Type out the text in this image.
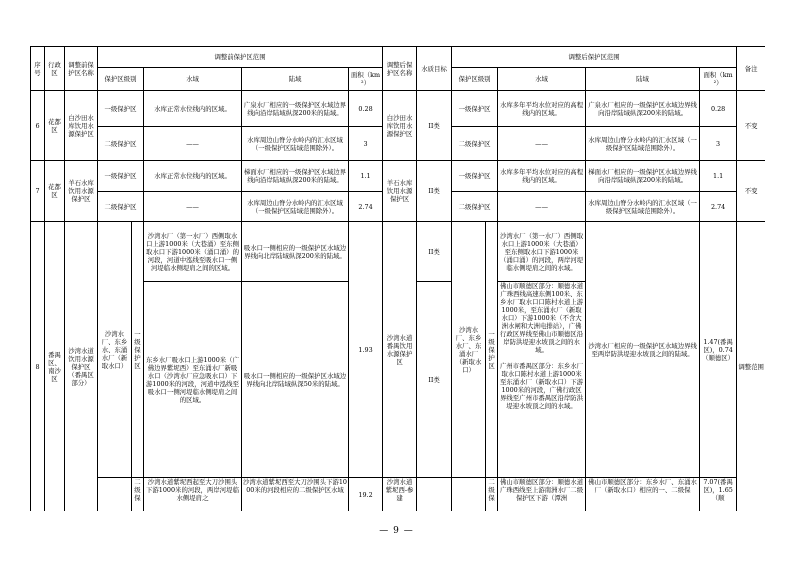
序号	行政区	调整前保护区名称	调整前保护区范围					调整后保护区名称	水质目标	调整后保护区范围					备注
			保护区级别		水域	陆域	面积（km²）			保护区级别		水域	陆域	面积（km²）	
6	花都区	白沙田水库饮用水源保护区	一级保护区		水库正常水位线内的区域。	广泉水厂相应的一级保护区水域边界线向沿岸陆域纵深200米的陆域。	0.28	白沙田水库饮用水源保护区	II类	一级保护区		水库多年平均水位对应的高程线内的区域。	广泉水厂相应的一级保护区水域边界线向沿岸陆域纵深200米的陆域。	0.28	不变
			二级保护区		——	水库周边山脊分水岭内的汇水区域（一级保护区陆域范围除外）。	3			二级保护区		——	水库周边山脊分水岭内的汇水区域（一级保护区陆域范围除外）。	3	
7	花都区	羊石水库饮用水源保护区	一级保护区		水库正常水位线内的区域。	梯面水厂相应的一级保护区水域边界线向沿岸陆域纵深200米的陆域。	1.1	羊石水库饮用水源保护区	II类	一级保护区		水库多年平均水位对应的高程线内的区域。	梯面水厂相应的一级保护区水域边界线向沿岸陆域纵深200米的陆域。	1.1	不变
			二级保护区		——	水库周边山脊分水岭内的汇水区域（一级保护区陆域范围除外）。	2.74			二级保护区		——	水库周边山脊分水岭内的汇水区域（一级保护区陆域范围除外）。	2.74	
8	番禺区、南沙区	沙湾水道饮用水源保护区（番禺区部分）	沙湾水厂、东乡水、东涌水厂（新取水口）	一级保护区	沙湾水厂（第一水厂）西侧取水口上游1000米（大巷涌）至东侧取水口下游1000米（涌口涌）的河段，河道中泓线至吸水口一侧河堤临水侧堤肩之间的区域。	吸水口一侧相应的一级保护区水域边界线向北岸陆域纵深200米的陆域。	1.93	沙湾水道番禺饮用水源保护区	II类	沙湾水厂、东乡水厂、东涌水厂（新取水口）	一级保护区	沙湾水厂（第一水厂）西侧取水口上游1000米（大巷涌）至东侧取水口下游1000米（涌口涌）的河段，两岸河堤临水侧堤肩之间的水域。	沙湾水厂相应的一级保护区水域边界线至两岸防洪堤迎水坡顶之间的陆域。	1.47(番禺区)，0.74（顺德区）	调整范围
					东乡水厂吸水口上游1000米（广佛边界紫坭西）至东涌水厂新吸水口（沙湾水厂应急吸水口）下游1000米的河段，河道中泓线至吸水口一侧河堤临水侧堤肩之间的区域。	吸水口一侧相应的一级保护区水域边界线向北岸陆域纵深50米的陆域。			II类			佛山市顺德区部分：顺德水道广珠西线高速东侧100米、东乡水厂取水口口陈村水道上游1000米，至东涌水厂（新取水口）下游1000米（不含大洲水闸和大洲电排站），广佛行政区界线至佛山市顺德区沿岸防洪堤迎水坡顶之间的水域。

广州市番禺区部分：东乡水厂取水口陈村水道上游1000米至东涌水厂（新取水口）下游1000米的河段，广佛行政区界线至广州市番禺区沿岸防洪堤迎水坡顶之间的水域。			

				二级保	沙湾水道紫坭西起至大刀沙围头下游1000米的河段，两岸河堤临水侧堤肩之	沙湾水道紫坭西至大刀沙围头下游1000米的河段相应的二级保护区水域	19.2	沙湾水道紫坭西-参建			二级保	佛山市顺德区部分：顺德水道广珠西线至上游南洲水厂二级保护区下游（潭洲	佛山市顺德区部分：东乡水厂、东涌水厂（新取水口）相应的一、二级保	7.07(番禺区)，1.65（顺	
— 9 —
